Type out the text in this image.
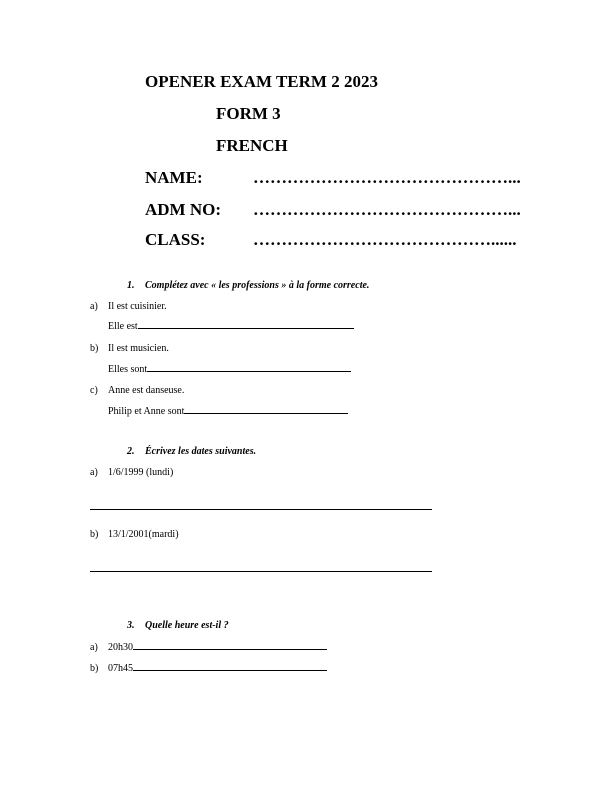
OPENER EXAM TERM 2 2023
FORM 3
FRENCH
NAME:	………………………………………...
ADM NO: ………………………………………...
CLASS:	……………………………………......
1. Complétez avec « les professions » à la forme correcte.
a) Il est cuisinier.
Elle est
b) Il est musicien.
Elles sont
c) Anne est danseuse.
Philip et Anne sont
2. Écrivez les dates suivantes.
a) 1/6/1999 (lundi)
b) 13/1/2001(mardi)
3. Quelle heure est-il ?
a) 20h30
b) 07h45
